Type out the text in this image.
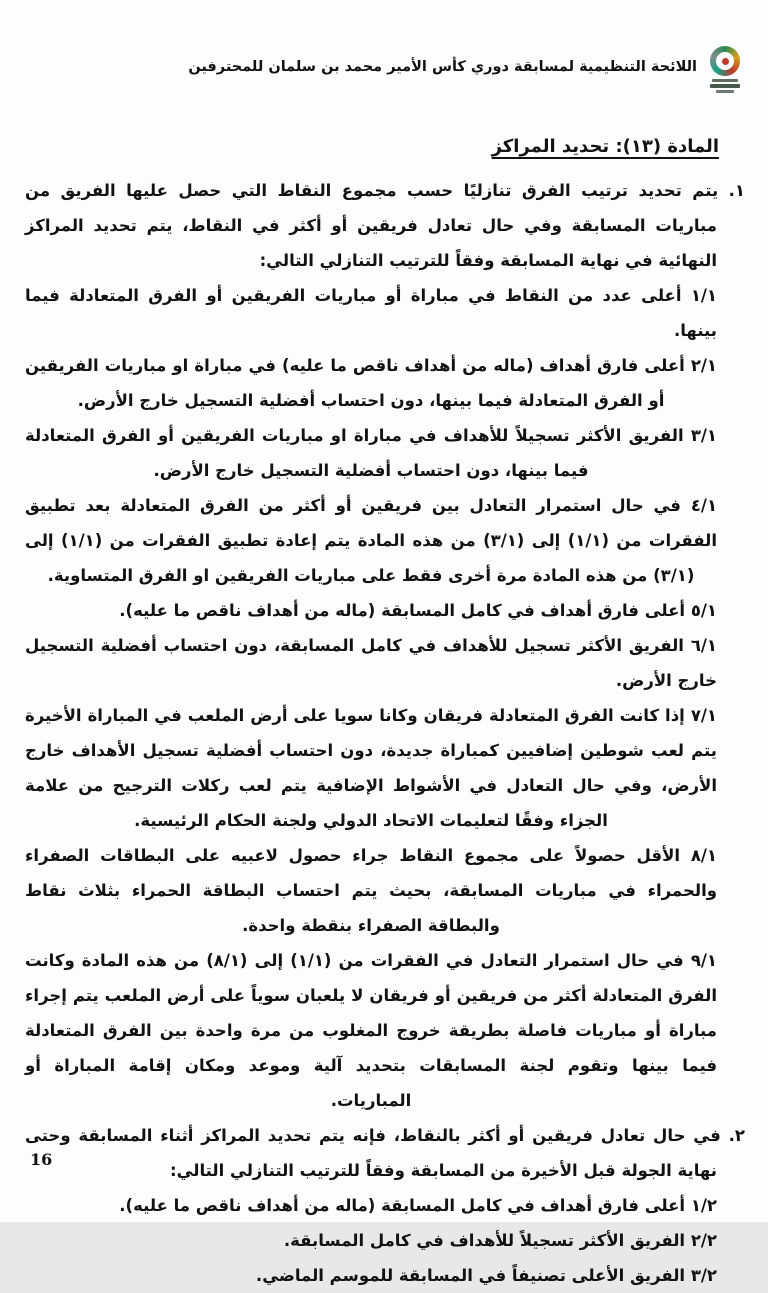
اللائحة التنظيمية لمسابقة دوري كأس الأمير محمد بن سلمان للمحترفين
المادة (١٣): تحديد المراكز

١. يتم تحديد ترتيب الفرق تنازليًا حسب مجموع النقاط التي حصل عليها الفريق من مباريات المسابقة وفي حال تعادل فريقين أو أكثر في النقاط، يتم تحديد المراكز النهائية في نهاية المسابقة وفقاً للترتيب التنازلي التالي:

١/١ أعلى عدد من النقاط في مباراة أو مباريات الفريقين أو الفرق المتعادلة فيما بينها.

٢/١ أعلى فارق أهداف (ماله من أهداف ناقص ما عليه) في مباراة او مباريات الفريقين أو الفرق المتعادلة فيما بينها، دون احتساب أفضلية التسجيل خارج الأرض.

٣/١ الفريق الأكثر تسجيلاً للأهداف في مباراة او مباريات الفريقين أو الفرق المتعادلة فيما بينها، دون احتساب أفضلية التسجيل خارج الأرض.

٤/١ في حال استمرار التعادل بين فريقين أو أكثر من الفرق المتعادلة بعد تطبيق الفقرات من (١/١) إلى (٣/١) من هذه المادة يتم إعادة تطبيق الفقرات من (١/١) إلى (٣/١) من هذه المادة مرة أخرى فقط على مباريات الفريقين او الفرق المتساوية.

٥/١ أعلى فارق أهداف في كامل المسابقة (ماله من أهداف ناقص ما عليه).

٦/١ الفريق الأكثر تسجيل للأهداف في كامل المسابقة، دون احتساب أفضلية التسجيل خارج الأرض.

٧/١ إذا كانت الفرق المتعادلة فريقان وكانا سويا على أرض الملعب في المباراة الأخيرة يتم لعب شوطين إضافيين كمباراة جديدة، دون احتساب أفضلية تسجيل الأهداف خارج الأرض، وفي حال التعادل في الأشواط الإضافية يتم لعب ركلات الترجيح من علامة الجزاء وفقًا لتعليمات الاتحاد الدولي ولجنة الحكام الرئيسية.

٨/١ الأقل حصولاً على مجموع النقاط جراء حصول لاعبيه على البطاقات الصفراء والحمراء في مباريات المسابقة، بحيث يتم احتساب البطاقة الحمراء بثلاث نقاط والبطاقة الصفراء بنقطة واحدة.

٩/١ في حال استمرار التعادل في الفقرات من (١/١) إلى (٨/١) من هذه المادة وكانت الفرق المتعادلة أكثر من فريقين أو فريقان لا يلعبان سوياً على أرض الملعب يتم إجراء مباراة أو مباريات فاصلة بطريقة خروج المغلوب من مرة واحدة بين الفرق المتعادلة فيما بينها وتقوم لجنة المسابقات بتحديد آلية وموعد ومكان إقامة المباراة أو المباريات.

٢. في حال تعادل فريقين أو أكثر بالنقاط، فإنه يتم تحديد المراكز أثناء المسابقة وحتى نهاية الجولة قبل الأخيرة من المسابقة وفقاً للترتيب التنازلي التالي:

١/٢ أعلى فارق أهداف في كامل المسابقة (ماله من أهداف ناقص ما عليه).

٢/٢ الفريق الأكثر تسجيلاً للأهداف في كامل المسابقة.

٣/٢ الفريق الأعلى تصنيفاً في المسابقة للموسم الماضي.

16
